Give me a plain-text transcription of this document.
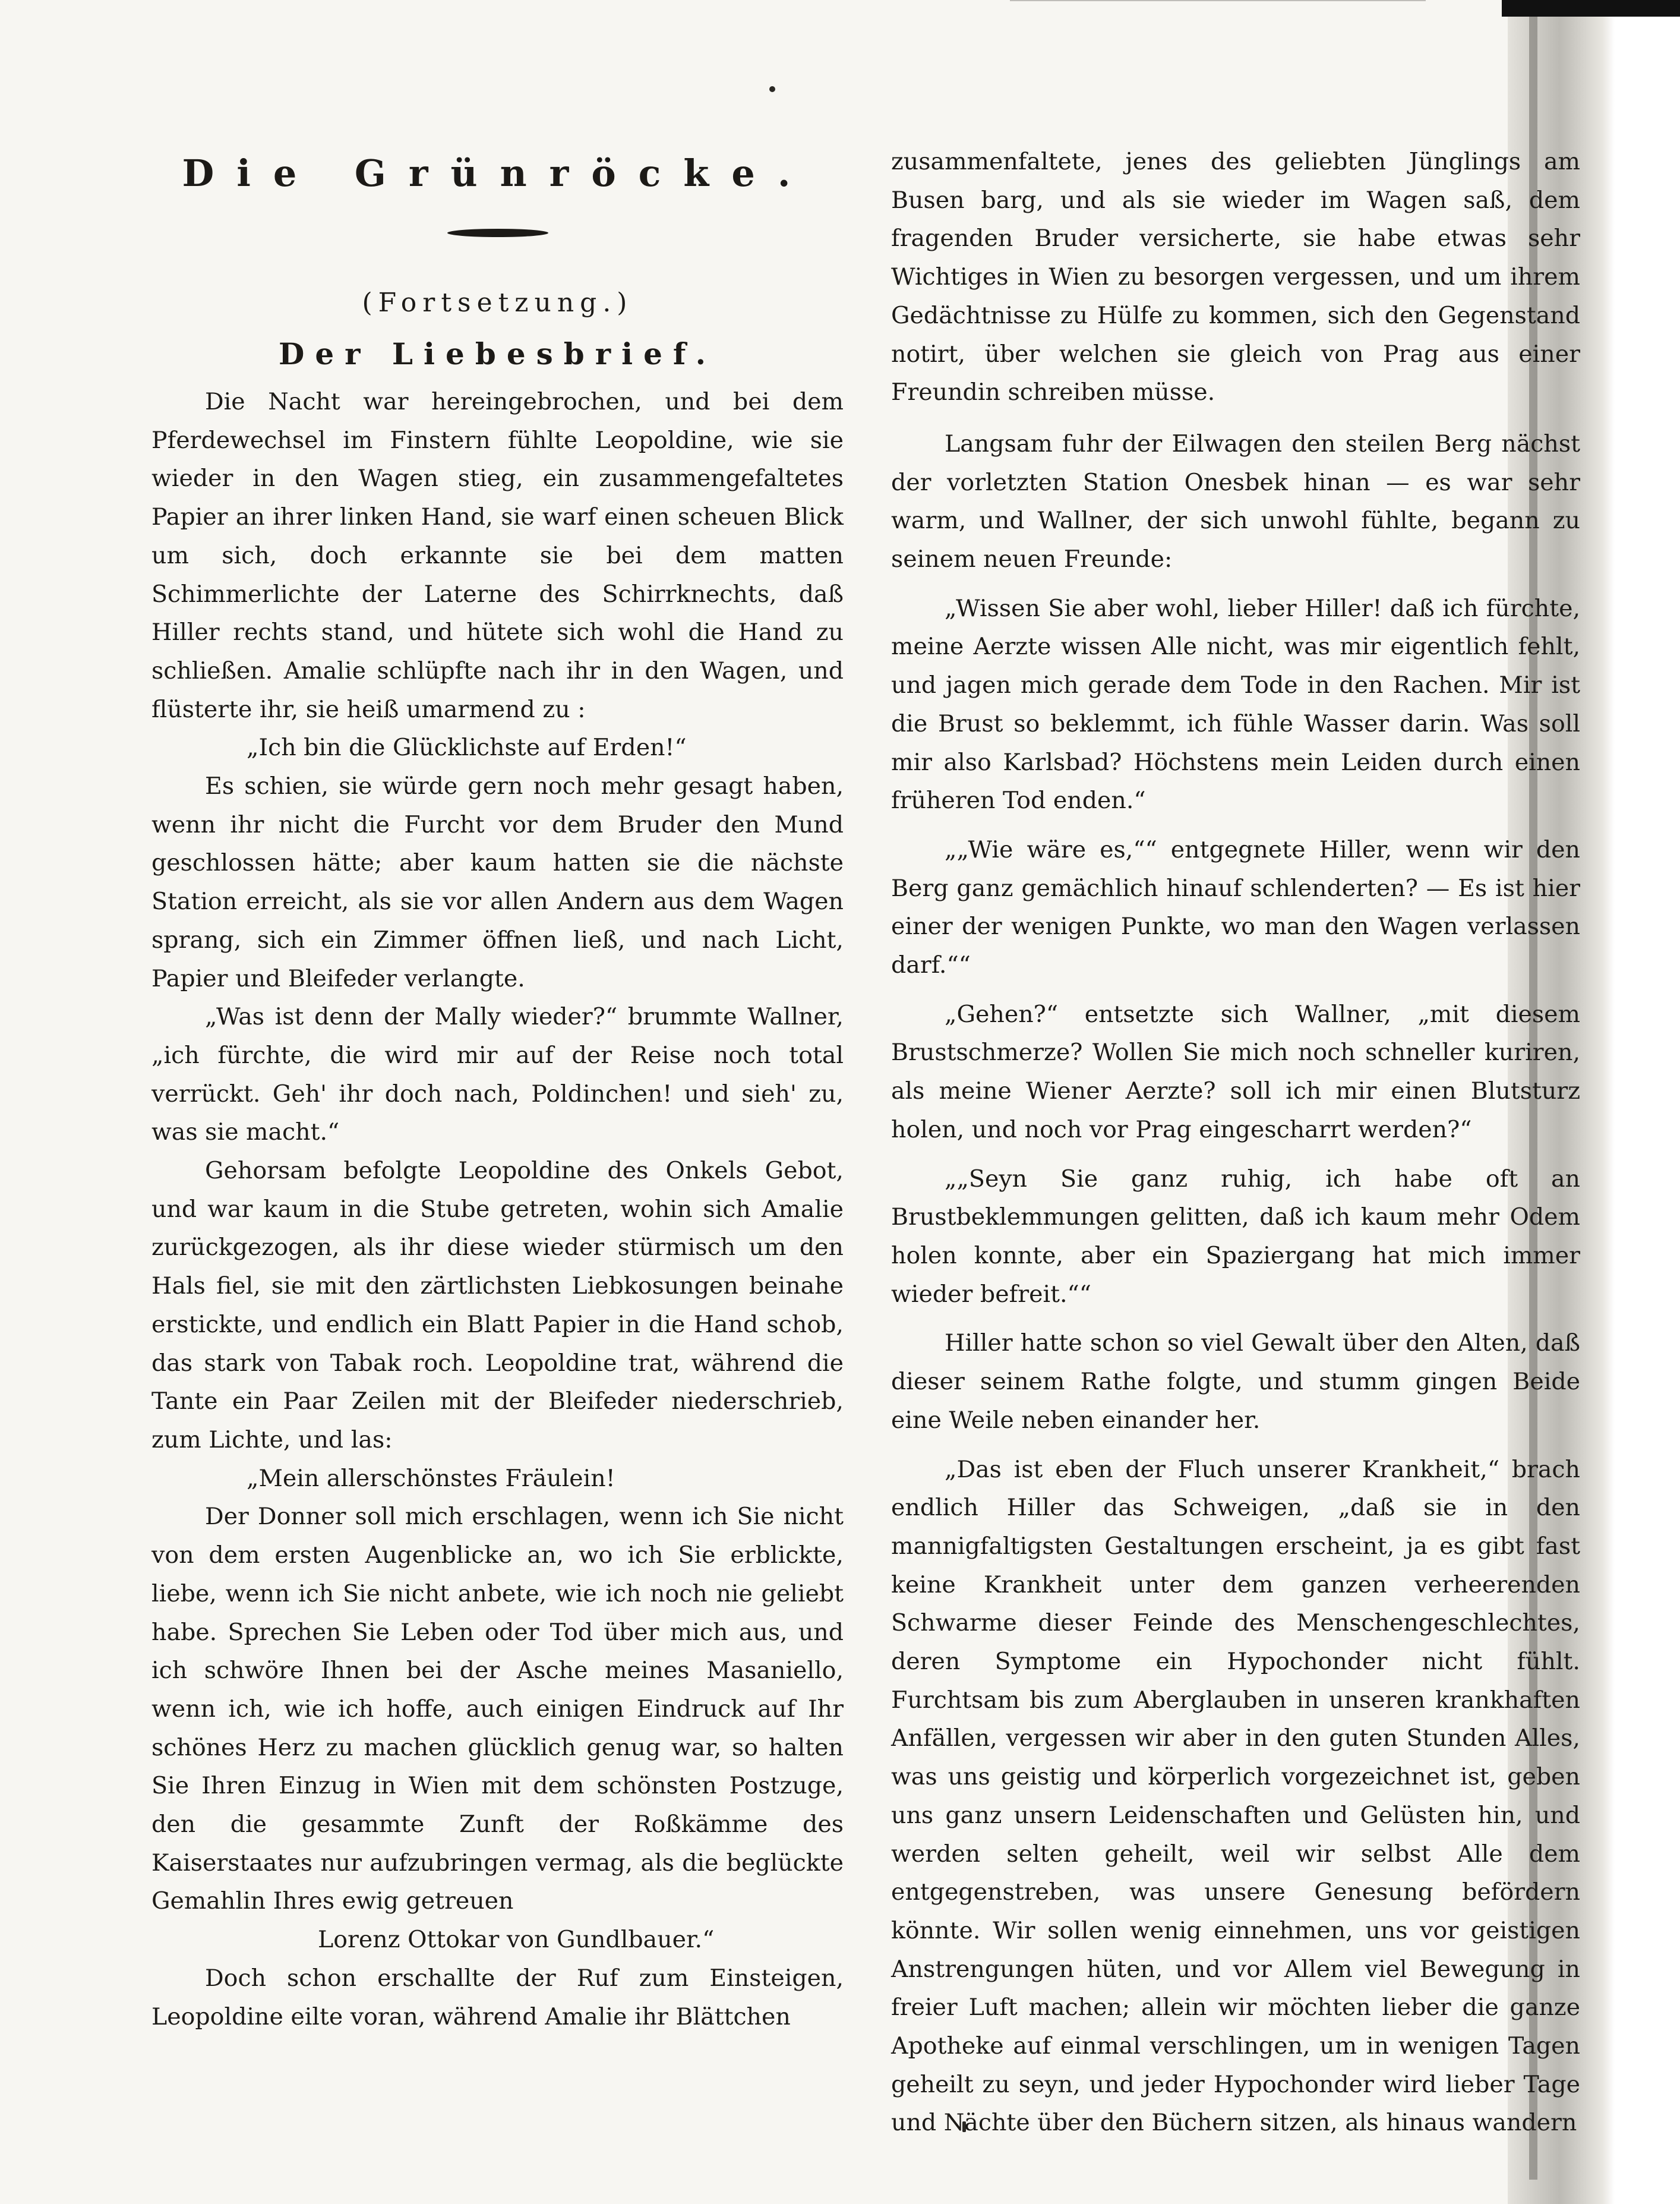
Die Grünröcke.
(Fortsetzung.)
Der Liebesbrief.

Die Nacht war hereingebrochen, und bei dem Pferdewechsel im Finstern fühlte Leopoldine, wie sie wieder in den Wagen stieg, ein zusammengefaltetes Papier an ihrer linken Hand, sie warf einen scheuen Blick um sich, doch erkannte sie bei dem matten Schimmerlichte der Laterne des Schirrknechts, daß Hiller rechts stand, und hütete sich wohl die Hand zu schließen. Amalie schlüpfte nach ihr in den Wagen, und flüsterte ihr, sie heiß umarmend zu :

„Ich bin die Glücklichste auf Erden!“

Es schien, sie würde gern noch mehr gesagt haben, wenn ihr nicht die Furcht vor dem Bruder den Mund geschlossen hätte; aber kaum hatten sie die nächste Station erreicht, als sie vor allen Andern aus dem Wagen sprang, sich ein Zimmer öffnen ließ, und nach Licht, Papier und Bleifeder verlangte.

„Was ist denn der Mally wieder?“ brummte Wallner, „ich fürchte, die wird mir auf der Reise noch total verrückt. Geh' ihr doch nach, Poldinchen! und sieh' zu, was sie macht.“

Gehorsam befolgte Leopoldine des Onkels Gebot, und war kaum in die Stube getreten, wohin sich Amalie zurückgezogen, als ihr diese wieder stürmisch um den Hals fiel, sie mit den zärtlichsten Liebkosungen beinahe erstickte, und endlich ein Blatt Papier in die Hand schob, das stark von Tabak roch. Leopoldine trat, während die Tante ein Paar Zeilen mit der Bleifeder niederschrieb, zum Lichte, und las:

„Mein allerschönstes Fräulein!

Der Donner soll mich erschlagen, wenn ich Sie nicht von dem ersten Augenblicke an, wo ich Sie erblickte, liebe, wenn ich Sie nicht anbete, wie ich noch nie geliebt habe. Sprechen Sie Leben oder Tod über mich aus, und ich schwöre Ihnen bei der Asche meines Masaniello, wenn ich, wie ich hoffe, auch einigen Eindruck auf Ihr schönes Herz zu machen glücklich genug war, so halten Sie Ihren Einzug in Wien mit dem schönsten Postzuge, den die gesammte Zunft der Roßkämme des Kaiserstaates nur aufzubringen vermag, als die beglückte Gemahlin Ihres ewig getreuen

Lorenz Ottokar von Gundlbauer.“

Doch schon erschallte der Ruf zum Einsteigen, Leopoldine eilte voran, während Amalie ihr Blättchen

zusammenfaltete, jenes des geliebten Jünglings am Busen barg, und als sie wieder im Wagen saß, dem fragenden Bruder versicherte, sie habe etwas sehr Wichtiges in Wien zu besorgen vergessen, und um ihrem Gedächtnisse zu Hülfe zu kommen, sich den Gegenstand notirt, über welchen sie gleich von Prag aus einer Freundin schreiben müsse.

Langsam fuhr der Eilwagen den steilen Berg nächst der vorletzten Station Onesbek hinan — es war sehr warm, und Wallner, der sich unwohl fühlte, begann zu seinem neuen Freunde:

„Wissen Sie aber wohl, lieber Hiller! daß ich fürchte, meine Aerzte wissen Alle nicht, was mir eigentlich fehlt, und jagen mich gerade dem Tode in den Rachen. Mir ist die Brust so beklemmt, ich fühle Wasser darin. Was soll mir also Karlsbad? Höchstens mein Leiden durch einen früheren Tod enden.“

„„Wie wäre es,““ entgegnete Hiller, wenn wir den Berg ganz gemächlich hinauf schlenderten? — Es ist hier einer der wenigen Punkte, wo man den Wagen verlassen darf.““

„Gehen?“ entsetzte sich Wallner, „mit diesem Brustschmerze? Wollen Sie mich noch schneller kuriren, als meine Wiener Aerzte? soll ich mir einen Blutsturz holen, und noch vor Prag eingescharrt werden?“

„„Seyn Sie ganz ruhig, ich habe oft an Brustbeklemmungen gelitten, daß ich kaum mehr Odem holen konnte, aber ein Spaziergang hat mich immer wieder befreit.““

Hiller hatte schon so viel Gewalt über den Alten, daß dieser seinem Rathe folgte, und stumm gingen Beide eine Weile neben einander her.

„Das ist eben der Fluch unserer Krankheit,“ brach endlich Hiller das Schweigen, „daß sie in den mannigfaltigsten Gestaltungen erscheint, ja es gibt fast keine Krankheit unter dem ganzen verheerenden Schwarme dieser Feinde des Menschengeschlechtes, deren Symptome ein Hypochonder nicht fühlt. Furchtsam bis zum Aberglauben in unseren krankhaften Anfällen, vergessen wir aber in den guten Stunden Alles, was uns geistig und körperlich vorgezeichnet ist, geben uns ganz unsern Leidenschaften und Gelüsten hin, und werden selten geheilt, weil wir selbst Alle dem entgegenstreben, was unsere Genesung befördern könnte. Wir sollen wenig einnehmen, uns vor geistigen Anstrengungen hüten, und vor Allem viel Bewegung in freier Luft machen; allein wir möchten lieber die ganze Apotheke auf einmal verschlingen, um in wenigen Tagen geheilt zu seyn, und jeder Hypochonder wird lieber Tage und Nächte über den Büchern sitzen, als hinaus wandern
